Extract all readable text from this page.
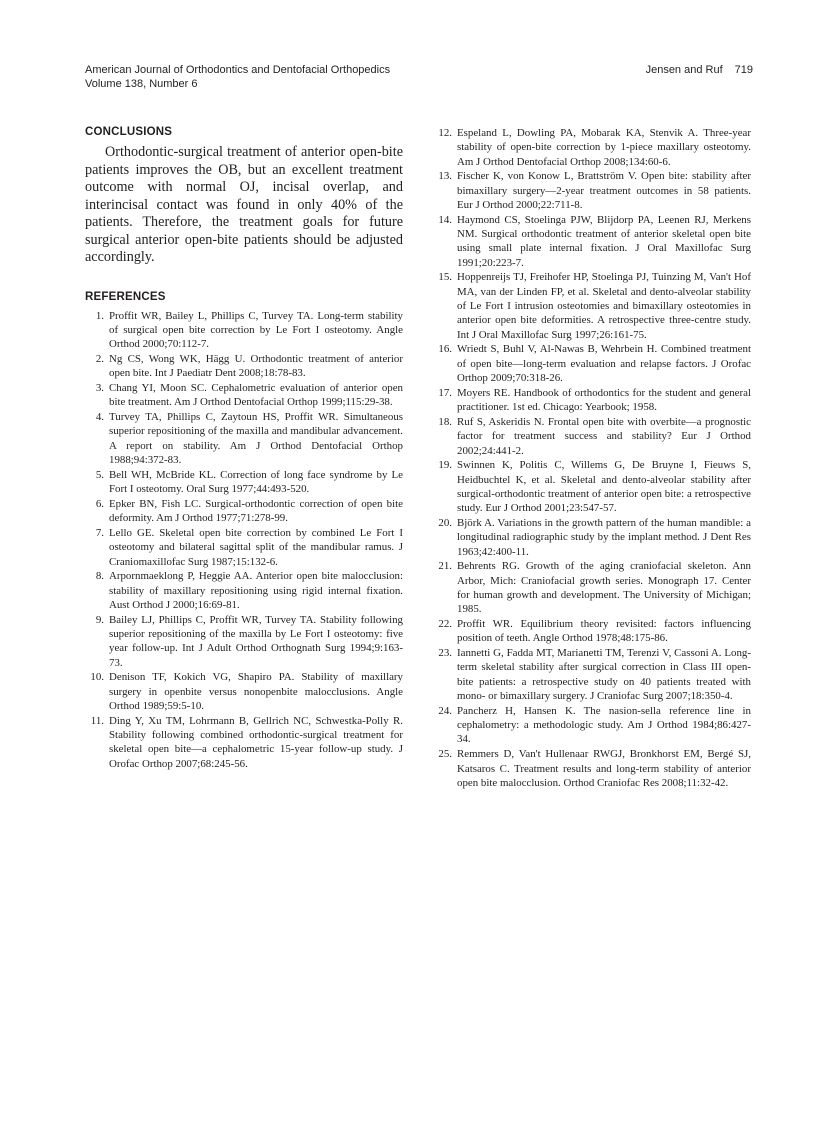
American Journal of Orthodontics and Dentofacial Orthopedics
Volume 138, Number 6
Jensen and Ruf 719
CONCLUSIONS

Orthodontic-surgical treatment of anterior open-bite patients improves the OB, but an excellent treatment outcome with normal OJ, incisal overlap, and interincisal contact was found in only 40% of the patients. Therefore, the treatment goals for future surgical anterior open-bite patients should be adjusted accordingly.

REFERENCES
1. Proffit WR, Bailey L, Phillips C, Turvey TA. Long-term stability of surgical open bite correction by Le Fort I osteotomy. Angle Orthod 2000;70:112-7.
2. Ng CS, Wong WK, Hägg U. Orthodontic treatment of anterior open bite. Int J Paediatr Dent 2008;18:78-83.
3. Chang YI, Moon SC. Cephalometric evaluation of anterior open bite treatment. Am J Orthod Dentofacial Orthop 1999;115:29-38.
4. Turvey TA, Phillips C, Zaytoun HS, Proffit WR. Simultaneous superior repositioning of the maxilla and mandibular advancement. A report on stability. Am J Orthod Dentofacial Orthop 1988;94:372-83.
5. Bell WH, McBride KL. Correction of long face syndrome by Le Fort I osteotomy. Oral Surg 1977;44:493-520.
6. Epker BN, Fish LC. Surgical-orthodontic correction of open bite deformity. Am J Orthod 1977;71:278-99.
7. Lello GE. Skeletal open bite correction by combined Le Fort I osteotomy and bilateral sagittal split of the mandibular ramus. J Craniomaxillofac Surg 1987;15:132-6.
8. Arpornmaeklong P, Heggie AA. Anterior open bite malocclusion: stability of maxillary repositioning using rigid internal fixation. Aust Orthod J 2000;16:69-81.
9. Bailey LJ, Phillips C, Proffit WR, Turvey TA. Stability following superior repositioning of the maxilla by Le Fort I osteotomy: five year follow-up. Int J Adult Orthod Orthognath Surg 1994;9:163-73.
10. Denison TF, Kokich VG, Shapiro PA. Stability of maxillary surgery in openbite versus nonopenbite malocclusions. Angle Orthod 1989;59:5-10.
11. Ding Y, Xu TM, Lohrmann B, Gellrich NC, Schwestka-Polly R. Stability following combined orthodontic-surgical treatment for skeletal open bite—a cephalometric 15-year follow-up study. J Orofac Orthop 2007;68:245-56.
12. Espeland L, Dowling PA, Mobarak KA, Stenvik A. Three-year stability of open-bite correction by 1-piece maxillary osteotomy. Am J Orthod Dentofacial Orthop 2008;134:60-6.
13. Fischer K, von Konow L, Brattström V. Open bite: stability after bimaxillary surgery—2-year treatment outcomes in 58 patients. Eur J Orthod 2000;22:711-8.
14. Haymond CS, Stoelinga PJW, Blijdorp PA, Leenen RJ, Merkens NM. Surgical orthodontic treatment of anterior skeletal open bite using small plate internal fixation. J Oral Maxillofac Surg 1991;20:223-7.
15. Hoppenreijs TJ, Freihofer HP, Stoelinga PJ, Tuinzing M, Van't Hof MA, van der Linden FP, et al. Skeletal and dento-alveolar stability of Le Fort I intrusion osteotomies and bimaxillary osteotomies in anterior open bite deformities. A retrospective three-centre study. Int J Oral Maxillofac Surg 1997;26:161-75.
16. Wriedt S, Buhl V, Al-Nawas B, Wehrbein H. Combined treatment of open bite—long-term evaluation and relapse factors. J Orofac Orthop 2009;70:318-26.
17. Moyers RE. Handbook of orthodontics for the student and general practitioner. 1st ed. Chicago: Yearbook; 1958.
18. Ruf S, Askeridis N. Frontal open bite with overbite—a prognostic factor for treatment success and stability? Eur J Orthod 2002;24:441-2.
19. Swinnen K, Politis C, Willems G, De Bruyne I, Fieuws S, Heidbuchtel K, et al. Skeletal and dento-alveolar stability after surgical-orthodontic treatment of anterior open bite: a retrospective study. Eur J Orthod 2001;23:547-57.
20. Björk A. Variations in the growth pattern of the human mandible: a longitudinal radiographic study by the implant method. J Dent Res 1963;42:400-11.
21. Behrents RG. Growth of the aging craniofacial skeleton. Ann Arbor, Mich: Craniofacial growth series. Monograph 17. Center for human growth and development. The University of Michigan; 1985.
22. Proffit WR. Equilibrium theory revisited: factors influencing position of teeth. Angle Orthod 1978;48:175-86.
23. Iannetti G, Fadda MT, Marianetti TM, Terenzi V, Cassoni A. Long-term skeletal stability after surgical correction in Class III open-bite patients: a retrospective study on 40 patients treated with mono- or bimaxillary surgery. J Craniofac Surg 2007;18:350-4.
24. Pancherz H, Hansen K. The nasion-sella reference line in cephalometry: a methodologic study. Am J Orthod 1984;86:427-34.
25. Remmers D, Van't Hullenaar RWGJ, Bronkhorst EM, Bergé SJ, Katsaros C. Treatment results and long-term stability of anterior open bite malocclusion. Orthod Craniofac Res 2008;11:32-42.
